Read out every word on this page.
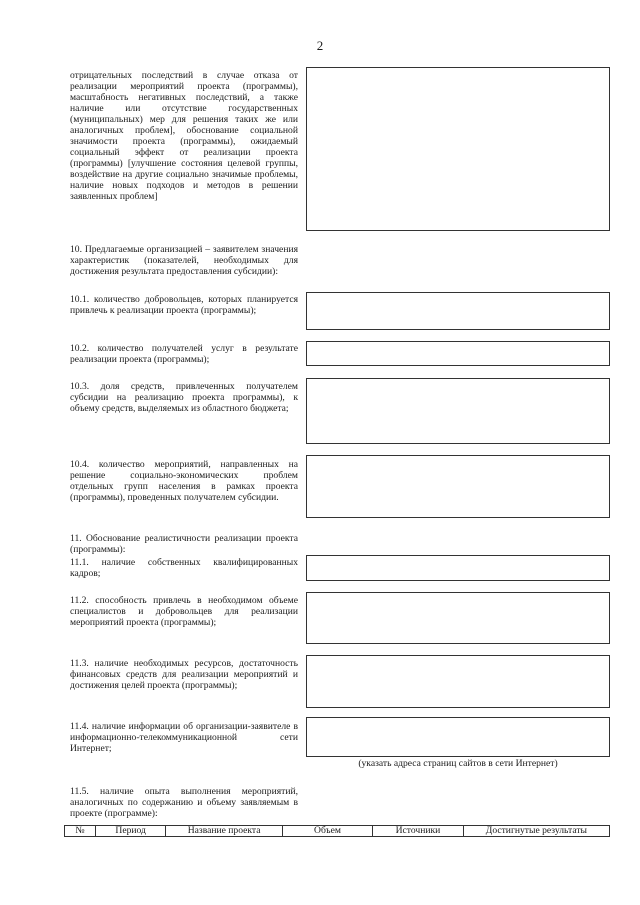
2
отрицательных последствий в случае отказа от реализации мероприятий проекта (программы), масштабность негативных последствий, а также наличие или отсутствие государственных (муниципальных) мер для решения таких же или аналогичных проблем], обоснование социальной значимости проекта (программы), ожидаемый социальный эффект от реализации проекта (программы) [улучшение состояния целевой группы, воздействие на другие социально значимые проблемы, наличие новых подходов и методов в решении заявленных проблем]
10. Предлагаемые организацией – заявителем значения характеристик (показателей, необходимых для достижения результата предоставления субсидии):
10.1. количество добровольцев, которых планируется привлечь к реализации проекта (программы);
10.2. количество получателей услуг в результате реализации проекта (программы);
10.3. доля средств, привлеченных получателем субсидии на реализацию проекта программы), к объему средств, выделяемых из областного бюджета;
10.4. количество мероприятий, направленных на решение социально-экономических проблем отдельных групп населения в рамках проекта (программы), проведенных получателем субсидии.
11. Обоснование реалистичности реализации проекта (программы):
11.1. наличие собственных квалифицированных кадров;
11.2. способность привлечь в необходимом объеме специалистов и добровольцев для реализации мероприятий проекта (программы);
11.3. наличие необходимых ресурсов, достаточность финансовых средств для реализации мероприятий и достижения целей проекта (программы);
11.4. наличие информации об организации-заявителе в информационно-телекоммуникационной сети Интернет;
(указать адреса страниц сайтов в сети Интернет)
11.5. наличие опыта выполнения мероприятий, аналогичных по содержанию и объему заявляемым в проекте (программе):
№	Период	Название проекта	Объем	Источники	Достигнутые результаты
